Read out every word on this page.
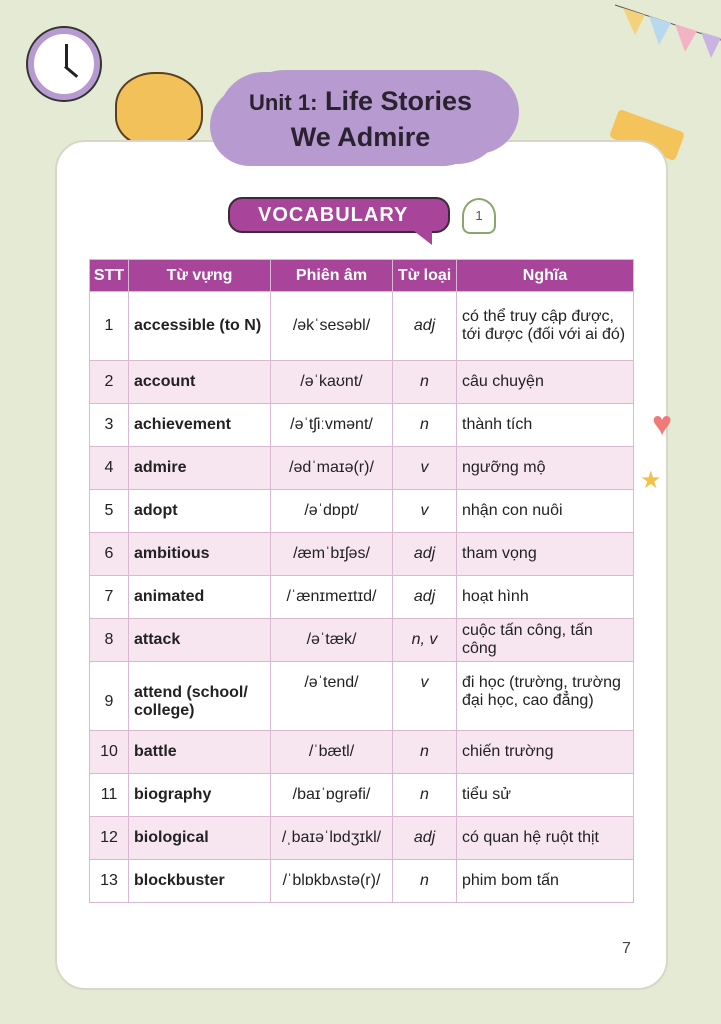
Unit 1: Life Stories
We Admire
VOCABULARY	1
♥
★
STT	Từ vựng	Phiên âm	Từ loại	Nghĩa
1	accessible (to N)	/əkˈsesəbl/	adj	có thể truy cập được, tới được (đối với ai đó)
2	account	/əˈkaʊnt/	n	câu chuyện
3	achievement	/əˈtʃiːvmənt/	n	thành tích
4	admire	/ədˈmaɪə(r)/	v	ngưỡng mộ
5	adopt	/əˈdɒpt/	v	nhận con nuôi
6	ambitious	/æmˈbɪʃəs/	adj	tham vọng
7	animated	/ˈænɪmeɪtɪd/	adj	hoạt hình
8	attack	/əˈtæk/	n, v	cuộc tấn công, tấn công
9	attend (school/ college)	/əˈtend/	v	đi học (trường, trường đại học, cao đẳng)
10	battle	/ˈbætl/	n	chiến trường
11	biography	/baɪˈɒɡrəfi/	n	tiểu sử
12	biological	/ˌbaɪəˈlɒdʒɪkl/	adj	có quan hệ ruột thịt
13	blockbuster	/ˈblɒkbʌstə(r)/	n	phim bom tấn
7
